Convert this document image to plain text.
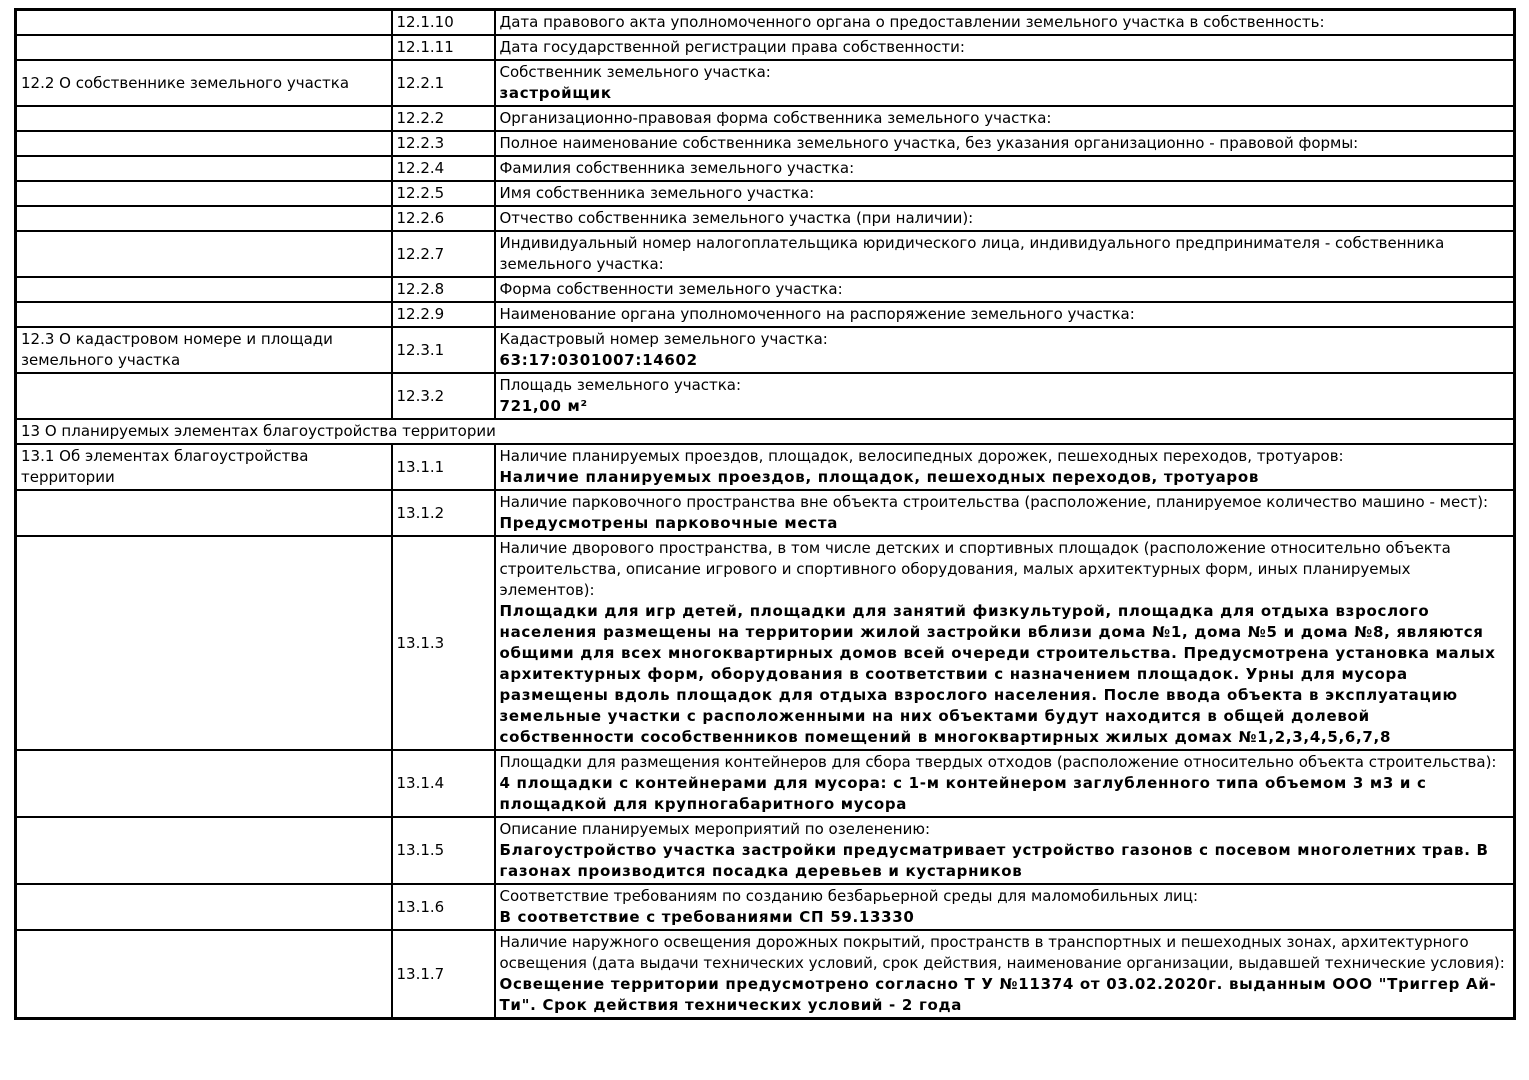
	12.1.10	Дата правового акта уполномоченного органа о предоставлении земельного участка в собственность:

	12.1.11	Дата государственной регистрации права собственности:

12.2 О собственнике земельного участка	12.2.1	Собственник земельного участка:
застройщик

	12.2.2	Организационно-правовая форма собственника земельного участка:

	12.2.3	Полное наименование собственника земельного участка, без указания организационно - правовой формы:

	12.2.4	Фамилия собственника земельного участка:

	12.2.5	Имя собственника земельного участка:

	12.2.6	Отчество собственника земельного участка (при наличии):

	12.2.7	Индивидуальный номер налогоплательщика юридического лица, индивидуального предпринимателя - собственника земельного участка:

	12.2.8	Форма собственности земельного участка:

	12.2.9	Наименование органа уполномоченного на распоряжение земельного участка:

12.3 О кадастровом номере и площади земельного участка	12.3.1	Кадастровый номер земельного участка:
63:17:0301007:14602

	12.3.2	Площадь земельного участка:
721,00 м²

13 О планируемых элементах благоустройства территории		
13.1 Об элементах благоустройства территории	13.1.1	Наличие планируемых проездов, площадок, велосипедных дорожек, пешеходных переходов, тротуаров:
Наличие планируемых проездов, площадок, пешеходных переходов, тротуаров

	13.1.2	Наличие парковочного пространства вне объекта строительства (расположение, планируемое количество машино - мест):
Предусмотрены парковочные места

	13.1.3	Наличие дворового пространства, в том числе детских и спортивных площадок (расположение относительно объекта строительства, описание игрового и спортивного оборудования, малых архитектурных форм, иных планируемых элементов):
Площадки для игр детей, площадки для занятий физкультурой, площадка для отдыха взрослого населения размещены на территории жилой застройки вблизи дома №1, дома №5 и дома №8, являются общими для всех многоквартирных домов всей очереди строительства. Предусмотрена установка малых архитектурных форм, оборудования в соответствии с назначением площадок. Урны для мусора размещены вдоль площадок для отдыха взрослого населения. После ввода объекта в эксплуатацию земельные участки с расположенными на них объектами будут находится в общей долевой собственности сособственников помещений в многоквартирных жилых домах №1,2,3,4,5,6,7,8

	13.1.4	Площадки для размещения контейнеров для сбора твердых отходов (расположение относительно объекта строительства):
4 площадки с контейнерами для мусора: с 1-м контейнером заглубленного типа объемом 3 м3 и с площадкой для крупногабаритного мусора

	13.1.5	Описание планируемых мероприятий по озеленению:
Благоустройство участка застройки предусматривает устройство газонов с посевом многолетних трав. В газонах производится посадка деревьев и кустарников

	13.1.6	Соответствие требованиям по созданию безбарьерной среды для маломобильных лиц:
В соответствие с требованиями СП 59.13330

	13.1.7	Наличие наружного освещения дорожных покрытий, пространств в транспортных и пешеходных зонах, архитектурного освещения (дата выдачи технических условий, срок действия, наименование организации, выдавшей технические условия):
Освещение территории предусмотрено согласно Т У №11374 от 03.02.2020г. выданным ООО "Триггер Ай-Ти". Срок действия технических условий - 2 года
